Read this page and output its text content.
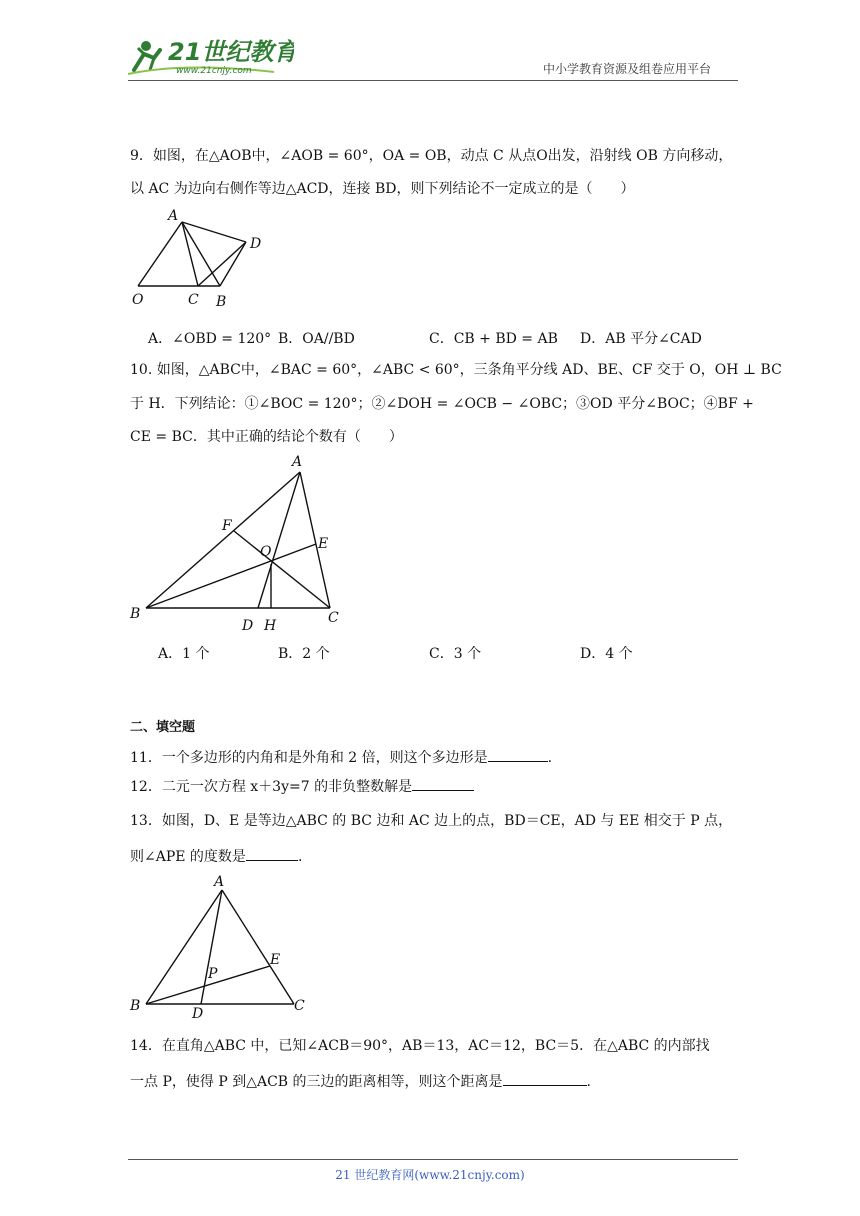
21世纪教育
www.21cnjy.com	中小学教育资源及组卷应用平台
9．如图，在△AOB中，∠AOB = 60°，OA = OB，动点 C 从点O出发，沿射线 OB 方向移动，
以 AC 为边向右侧作等边△ACD，连接 BD，则下列结论不一定成立的是（　　）
A
D
O	C B
A．∠OBD = 120° B．OA//BD	C．CB + BD = AB D．AB 平分∠CAD
10. 如图，△ABC中，∠BAC = 60°，∠ABC < 60°，三条角平分线 AD、BE、CF 交于 O，OH ⊥ BC
于 H．下列结论：①∠BOC = 120°；②∠DOH = ∠OCB − ∠OBC；③OD 平分∠BOC；④BF +
CE = BC．其中正确的结论个数有（　　）
A
F
O	E
B
D H	C
A．1 个	B．2 个	C．3 个	D．4 个
二、填空题
11．一个多边形的内角和是外角和 2 倍，则这个多边形是	.
12．二元一次方程 x＋3y=7 的非负整数解是
13．如图，D、E 是等边△ABC 的 BC 边和 AC 边上的点，BD＝CE，AD 与 EE 相交于 P 点，
则∠APE 的度数是	.
A
E
P
B	D	C
14．在直角△ABC 中，已知∠ACB＝90°，AB＝13，AC＝12，BC＝5．在△ABC 的内部找
一点 P，使得 P 到△ACB 的三边的距离相等，则这个距离是	.
21 世纪教育网(www.21cnjy.com)
